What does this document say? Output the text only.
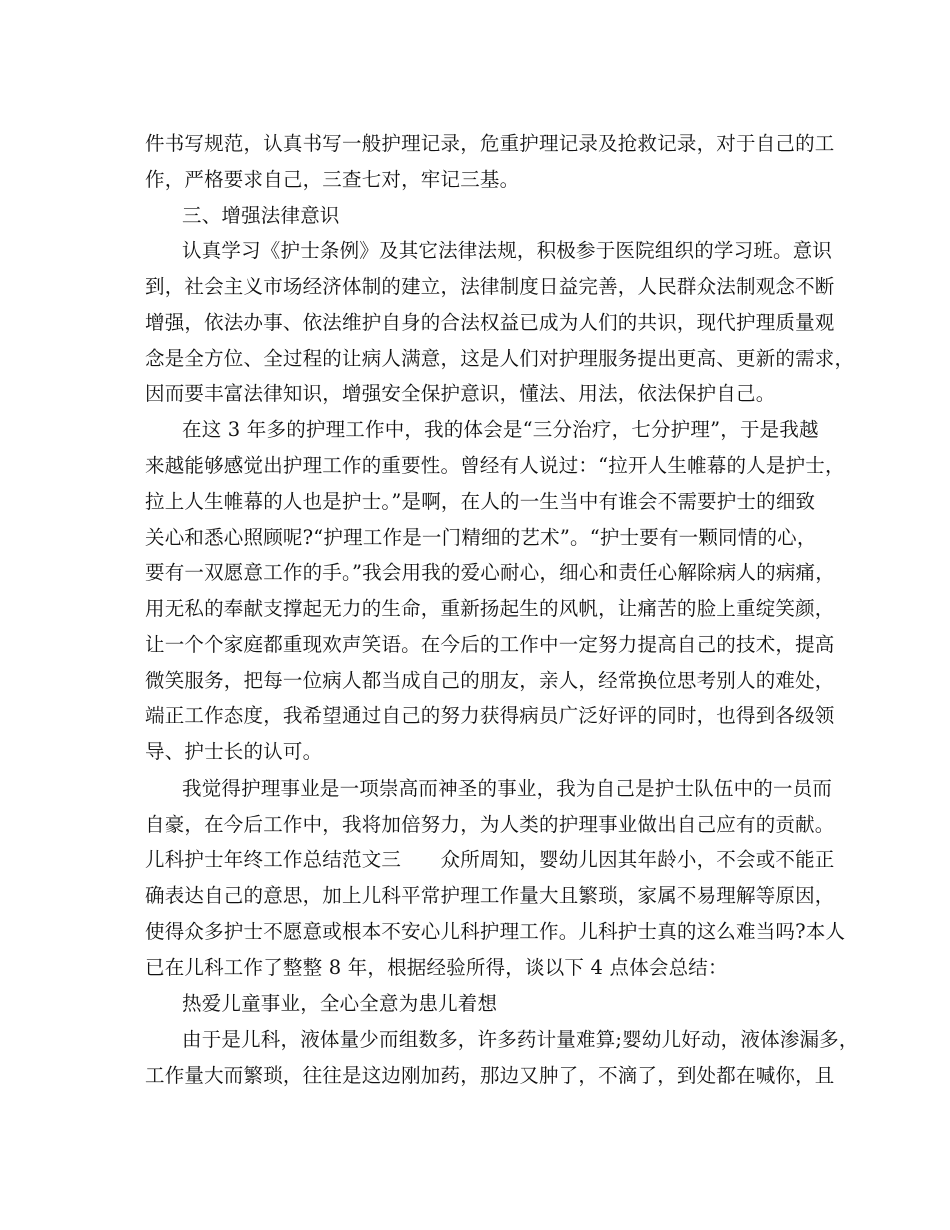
件书写规范，认真书写一般护理记录，危重护理记录及抢救记录，对于自己的工
作，严格要求自己，三查七对，牢记三基。
三、增强法律意识
认真学习《护士条例》及其它法律法规，积极参于医院组织的学习班。意识
到，社会主义市场经济体制的建立，法律制度日益完善，人民群众法制观念不断
增强，依法办事、依法维护自身的合法权益已成为人们的共识，现代护理质量观
念是全方位、全过程的让病人满意，这是人们对护理服务提出更高、更新的需求，
因而要丰富法律知识，增强安全保护意识，懂法、用法，依法保护自己。
在这 3 年多的护理工作中，我的体会是“三分治疗，七分护理”，于是我越
来越能够感觉出护理工作的重要性。曾经有人说过：“拉开人生帷幕的人是护士，
拉上人生帷幕的人也是护士。”是啊，在人的一生当中有谁会不需要护士的细致
关心和悉心照顾呢?“护理工作是一门精细的艺术”。“护士要有一颗同情的心，
要有一双愿意工作的手。”我会用我的爱心耐心，细心和责任心解除病人的病痛，
用无私的奉献支撑起无力的生命，重新扬起生的风帆，让痛苦的脸上重绽笑颜，
让一个个家庭都重现欢声笑语。在今后的工作中一定努力提高自己的技术，提高
微笑服务，把每一位病人都当成自己的朋友，亲人，经常换位思考别人的难处，
端正工作态度，我希望通过自己的努力获得病员广泛好评的同时，也得到各级领
导、护士长的认可。
我觉得护理事业是一项崇高而神圣的事业，我为自己是护士队伍中的一员而
自豪，在今后工作中，我将加倍努力，为人类的护理事业做出自己应有的贡献。
儿科护士年终工作总结范文三　　众所周知，婴幼儿因其年龄小，不会或不能正
确表达自己的意思，加上儿科平常护理工作量大且繁琐，家属不易理解等原因，
使得众多护士不愿意或根本不安心儿科护理工作。儿科护士真的这么难当吗?本人
已在儿科工作了整整 8 年，根据经验所得，谈以下 4 点体会总结：
热爱儿童事业，全心全意为患儿着想
由于是儿科，液体量少而组数多，许多药计量难算;婴幼儿好动，液体渗漏多，
工作量大而繁琐，往往是这边刚加药，那边又肿了，不滴了，到处都在喊你，且
